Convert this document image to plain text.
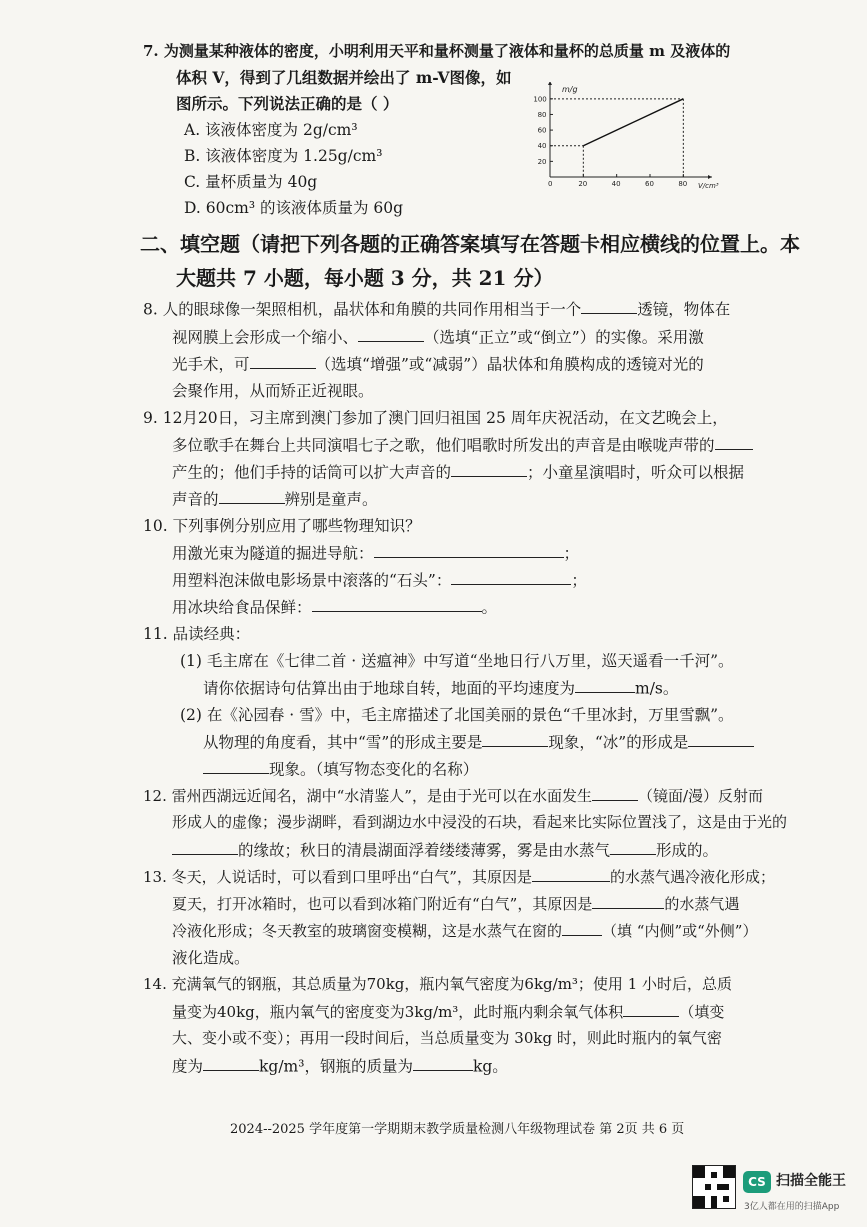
7. 为测量某种液体的密度，小明利用天平和量杯测量了液体和量杯的总质量 m 及液体的
体积 V，得到了几组数据并绘出了 m-V图像，如
图所示。下列说法正确的是（ ）
A. 该液体密度为 2g/cm³
B. 该液体密度为 1.25g/cm³
C. 量杯质量为 40g
D. 60cm³ 的该液体质量为 60g
0	20	40	60	80
20
40
60
80
100
m/g
V/cm³
二、填空题（请把下列各题的正确答案填写在答题卡相应横线的位置上。本
大题共 7 小题，每小题 3 分，共 21 分）
8. 人的眼球像一架照相机，晶状体和角膜的共同作用相当于一个	透镜，物体在
视网膜上会形成一个缩小、	（选填“正立”或“倒立”）的实像。采用激
光手术，可	（选填“增强”或“减弱”）晶状体和角膜构成的透镜对光的
会聚作用，从而矫正近视眼。
9. 12月20日，习主席到澳门参加了澳门回归祖国 25 周年庆祝活动，在文艺晚会上，
多位歌手在舞台上共同演唱七子之歌，他们唱歌时所发出的声音是由喉咙声带的
产生的；他们手持的话筒可以扩大声音的	；小童星演唱时，听众可以根据
声音的	辨别是童声。
10. 下列事例分别应用了哪些物理知识？
用激光束为隧道的掘进导航：	；
用塑料泡沫做电影场景中滚落的“石头”：	；
用冰块给食品保鲜：	。
11. 品读经典：
(1) 毛主席在《七律二首 · 送瘟神》中写道“坐地日行八万里，巡天遥看一千河”。
请你依据诗句估算出由于地球自转，地面的平均速度为	m/s。
(2) 在《沁园春 · 雪》中，毛主席描述了北国美丽的景色“千里冰封，万里雪飘”。
从物理的角度看，其中“雪”的形成主要是	现象，“冰”的形成是
现象。（填写物态变化的名称）
12. 雷州西湖远近闻名，湖中“水清鉴人”，是由于光可以在水面发生	（镜面/漫）反射而
形成人的虚像；漫步湖畔，看到湖边水中浸没的石块，看起来比实际位置浅了，这是由于光的
的缘故；秋日的清晨湖面浮着缕缕薄雾，雾是由水蒸气	形成的。
13. 冬天，人说话时，可以看到口里呼出“白气”，其原因是	的水蒸气遇冷液化形成；
夏天，打开冰箱时，也可以看到冰箱门附近有“白气”，其原因是	的水蒸气遇
冷液化形成；冬天教室的玻璃窗变模糊，这是水蒸气在窗的	（填 “内侧”或“外侧”）
液化造成。
14. 充满氧气的钢瓶，其总质量为70kg，瓶内氧气密度为6kg/m³；使用 1 小时后，总质
量变为40kg，瓶内氧气的密度变为3kg/m³，此时瓶内剩余氧气体积	（填变
大、变小或不变）；再用一段时间后，当总质量变为 30kg 时，则此时瓶内的氧气密
度为	kg/m³，钢瓶的质量为	kg。
2024--2025 学年度第一学期期末教学质量检测八年级物理试卷 第 2页 共 6 页
CS 扫描全能王
3亿人都在用的扫描App
